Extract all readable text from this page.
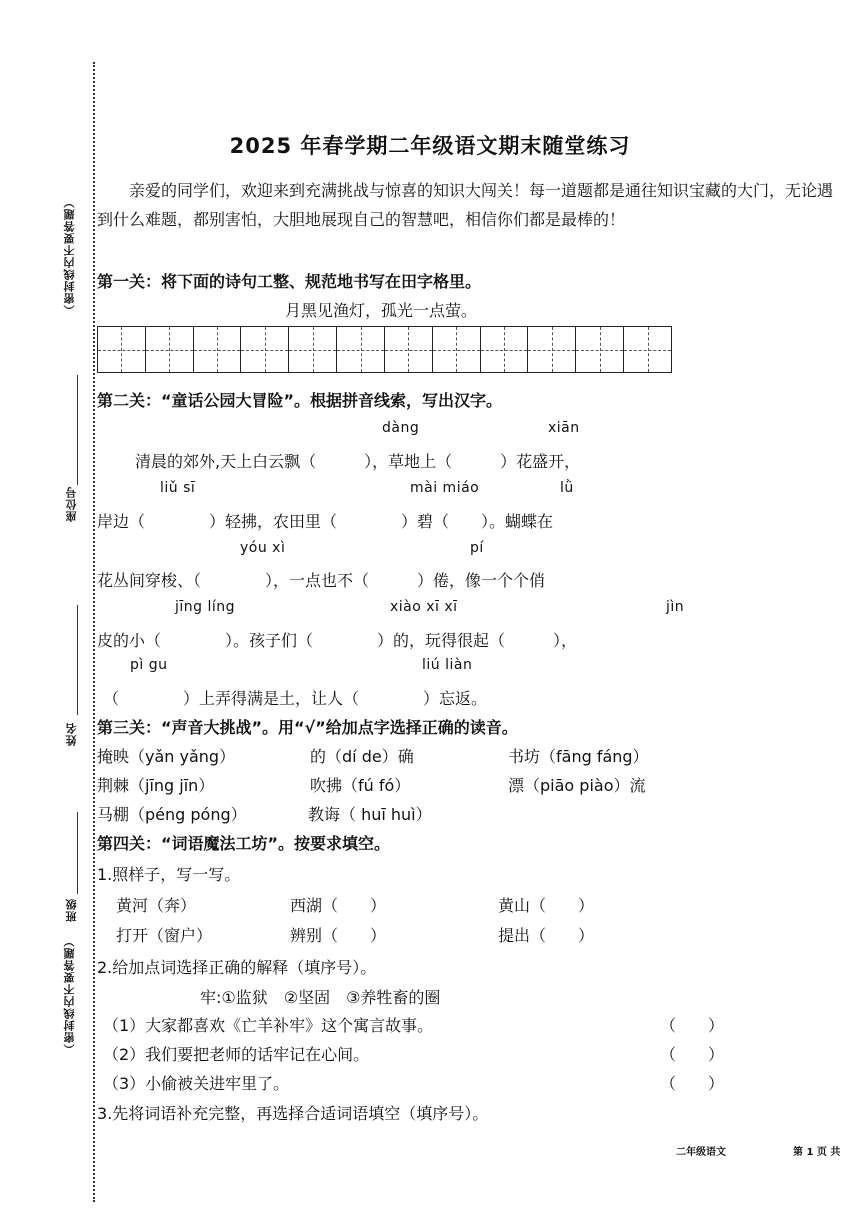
（密封线内不要答题）
座位号
姓名
班级
（密封线内不要答题）
2025 年春学期二年级语文期末随堂练习
亲爱的同学们，欢迎来到充满挑战与惊喜的知识大闯关！每一道题都是通往知识宝藏的大门，无论遇到什么难题，都别害怕，大胆地展现自己的智慧吧，相信你们都是最棒的！
第一关：将下面的诗句工整、规范地书写在田字格里。
月黑见渔灯，孤光一点萤。
第二关：“童话公园大冒险”。根据拼音线索，写出汉字。
dàng	xiān
清晨的郊外,天上白云飘（　　　），草地上（　　　）花盛开，
liǔ sī	mài miáo	lǜ
岸边（　　　　）轻拂，农田里（　　　　）碧（　　）。蝴蝶在
yóu xì	pí
花丛间穿梭、（　　　　），一点也不（　　　）倦，像一个个俏
jīng líng	xiào xī xī	jìn
皮的小（　　　　）。孩子们（　　　　）的，玩得很起（　　　），
pì gu	liú liàn
（　　　　）上弄得满是土，让人（　　　　）忘返。
第三关：“声音大挑战”。用“√”给加点字选择正确的读音。
掩映（yǎn yǎng）	的（dí de）确	书坊（fāng fáng）
荆棘（jīng jīn）	吹拂（fú fó）	漂（piāo piào）流
马棚（péng póng）	教诲（ huī huì）
第四关：“词语魔法工坊”。按要求填空。
1.照样子，写一写。
黄河（奔）	西湖（　　）	黄山（　　）
打开（窗户）	辨别（　　）	提出（　　）
2.给加点词选择正确的解释（填序号）。
牢:①监狱　②坚固　③养牲畜的圈
（1）大家都喜欢《亡羊补牢》这个寓言故事。	（　　）
（2）我们要把老师的话牢记在心间。	（　　）
（3）小偷被关进牢里了。	（　　）
3.先将词语补充完整，再选择合适词语填空（填序号）。
二年级语文	第 1 页 共
